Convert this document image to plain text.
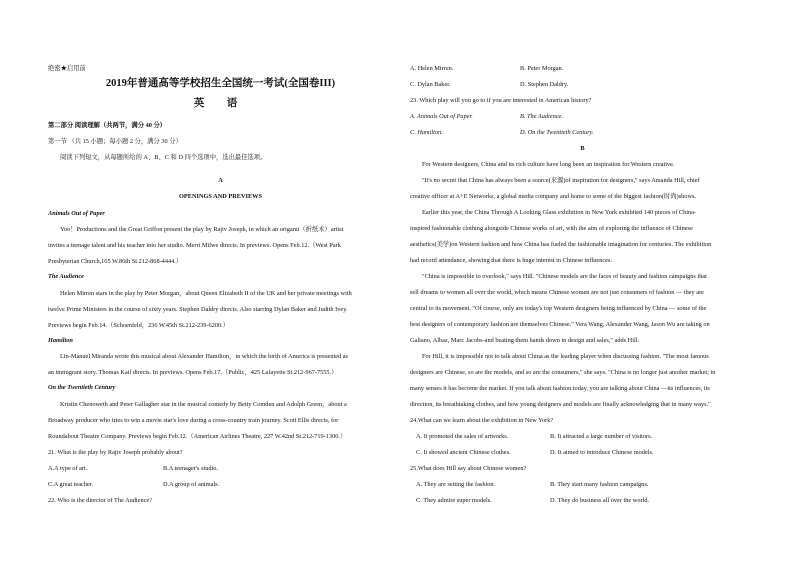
绝密★启用前
2019年普通高等学校招生全国统一考试(全国卷III)
英 语
第二部分 阅读理解（共两节，满分 40 分）
第一节 （共 15 小题；每小题 2 分，满分 30 分）
阅读下列短文，从每题所给的 A、B、C 和 D 四个选项中，选出最佳选项。
A
OPENINGS AND PREVIEWS
Animals Out of Paper
Yoo！Productions and the Great Griffon present the play by Rajiv Joseph, in which an origami（折纸术）artist
invites a teenage talent and his teacher into her studio. Merri Milwe directs. In previews. Opens Feb.12.（West Park
Presbyterian Church,165 W.86th St.212-868-4444.）
The Audience
Helen Mirren stars in the play by Peter Morgan，about Queen Elizabeth II of the UK and her private meetings with
twelve Prime Ministers in the course of sixty years. Stephen Daldry directs. Also starring Dylan Baker and Judith Ivey.
Previews begin Feb.14.（Schoenfeld，236 W.45th St.212-239-6200.）
Hamilton
Lin-Manuel Miranda wrote this musical about Alexander Hamilton，in which the birth of America is presented as
an immigrant story. Thomas Kail directs. In previews. Opens Feb.17.（Public，425 Lafayette St.212-967-7555.）
On the Twentieth Century
Kristin Chenoweth and Peter Gallagher star in the musical comedy by Betty Comden and Adolph Green，about a
Broadway producer who tries to win a movie star's love during a cross-country train journey. Scott Ellis directs, for
Roundabout Theatre Company. Previews begin Feb.12.（American Airlines Theatre, 227 W.42nd St.212-719-1300.）
21. What is the play by Rajiv Joseph probably about?
A.A type of art.	B.A teenager's studio.
C.A great teacher.	D.A group of animals.
22. Who is the director of The Audience?
A. Helen Mirren.	B. Peter Morgan.
C. Dylan Baker.	D. Stephen Daldry.
23. Which play will you go to if you are interested in American history?
A. Animals Out of Paper.	B. The Audience.
C. Hamilton.	D. On the Twentieth Century.
B
For Western designers, China and its rich culture have long been an inspiration for Western creative.
"It's no secret that China has always been a source(来源)of inspiration for designers," says Amanda Hill, chief
creative officer at A+E Networks, a global media company and home to some of the biggest fashion(时尚)shows.
Earlier this year, the China Through A Looking Glass exhibition in New York exhibited 140 pieces of China-
inspired fashionable clothing alongside Chinese works of art, with the aim of exploring the influence of Chinese
aesthetics(美学)on Western fashion and how China has fueled the fashionable imagination for centuries. The exhibition
had record attendance, showing that there is huge interest in Chinese influences.
"China is impossible to overlook," says Hill. "Chinese models are the faces of beauty and fashion campaigns that
sell dreams to women all over the world, which means Chinese women are not just consumers of fashion — they are
central to its movement. "Of course, only are today's top Western designers being influenced by China — some of the
best designers of contemporary fashion are themselves Chinese." Vera Wang, Alexander Wang, Jason Wu are taking on
Galiano, Albaz, Marc Jacobs-and beating them hands down in design and sales," adds Hill.
For Hill, it is impossible not to talk about China as the leading player when discussing fashion. "The most famous
designers are Chinese, so are the models, and so are the consumers," she says. "China is no longer just another market; in
many senses it has become the market. If you talk about fashion today, you are talking about China —its influences, its
direction, its breathtaking clothes, and how young designers and models are finally acknowledging that in many ways."
24.What can we learn about the exhibition in New York?
A. It promoted the sales of artworks.	B. It attracted a large number of visitors.
C. It showed ancient Chinese clothes.	D. It aimed to introduce Chinese models.
25.What does Hill say about Chinese women?
A. They are setting the fashion.	B. They start many fashion campaigns.
C. They admire super models.	D. They do business all over the world.
